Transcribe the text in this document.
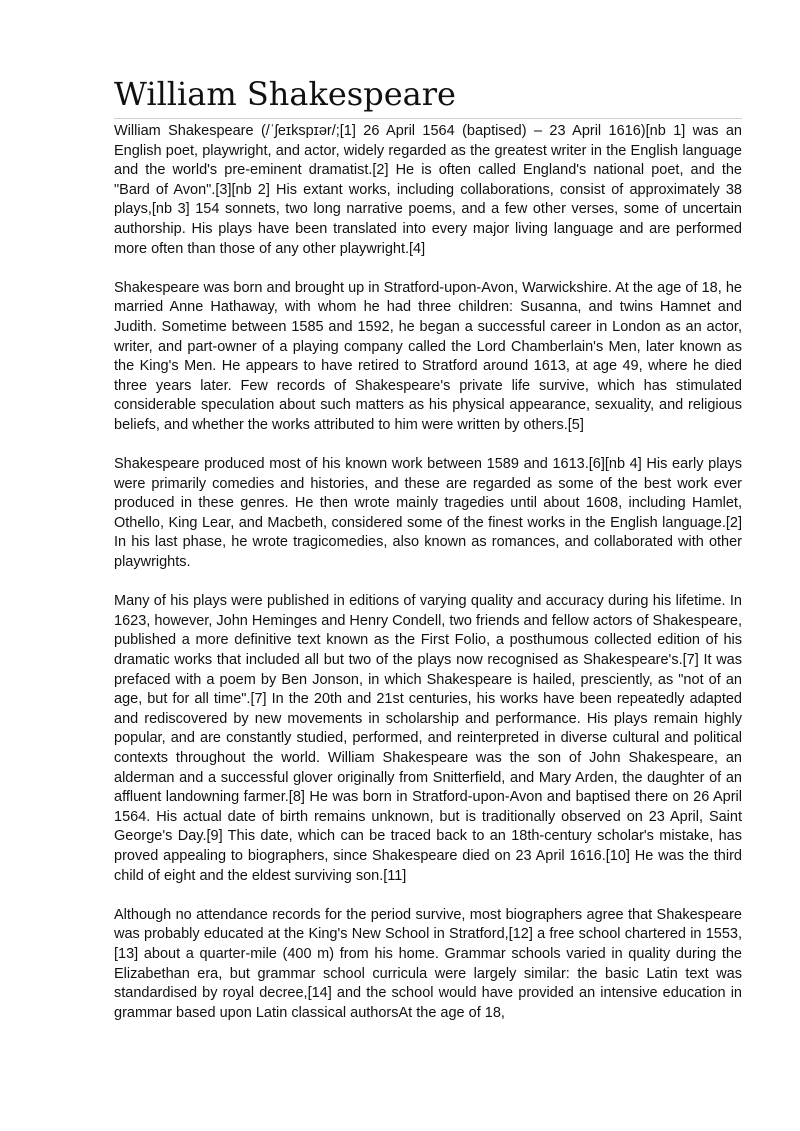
William Shakespeare

William Shakespeare (/ˈʃeɪkspɪər/;[1] 26 April 1564 (baptised) – 23 April 1616)[nb 1] was an English poet, playwright, and actor, widely regarded as the greatest writer in the English language and the world's pre-eminent dramatist.[2] He is often called England's national poet, and the "Bard of Avon".[3][nb 2] His extant works, including collaborations, consist of approximately 38 plays,[nb 3] 154 sonnets, two long narrative poems, and a few other verses, some of uncertain authorship. His plays have been translated into every major living language and are performed more often than those of any other playwright.[4]

Shakespeare was born and brought up in Stratford-upon-Avon, Warwickshire. At the age of 18, he married Anne Hathaway, with whom he had three children: Susanna, and twins Hamnet and Judith. Sometime between 1585 and 1592, he began a successful career in London as an actor, writer, and part-owner of a playing company called the Lord Chamberlain's Men, later known as the King's Men. He appears to have retired to Stratford around 1613, at age 49, where he died three years later. Few records of Shakespeare's private life survive, which has stimulated considerable speculation about such matters as his physical appearance, sexuality, and religious beliefs, and whether the works attributed to him were written by others.[5]

Shakespeare produced most of his known work between 1589 and 1613.[6][nb 4] His early plays were primarily comedies and histories, and these are regarded as some of the best work ever produced in these genres. He then wrote mainly tragedies until about 1608, including Hamlet, Othello, King Lear, and Macbeth, considered some of the finest works in the English language.[2] In his last phase, he wrote tragicomedies, also known as romances, and collaborated with other playwrights.

Many of his plays were published in editions of varying quality and accuracy during his lifetime. In 1623, however, John Heminges and Henry Condell, two friends and fellow actors of Shakespeare, published a more definitive text known as the First Folio, a posthumous collected edition of his dramatic works that included all but two of the plays now recognised as Shakespeare's.[7] It was prefaced with a poem by Ben Jonson, in which Shakespeare is hailed, presciently, as "not of an age, but for all time".[7] In the 20th and 21st centuries, his works have been repeatedly adapted and rediscovered by new movements in scholarship and performance. His plays remain highly popular, and are constantly studied, performed, and reinterpreted in diverse cultural and political contexts throughout the world. William Shakespeare was the son of John Shakespeare, an alderman and a successful glover originally from Snitterfield, and Mary Arden, the daughter of an affluent landowning farmer.[8] He was born in Stratford-upon-Avon and baptised there on 26 April 1564. His actual date of birth remains unknown, but is traditionally observed on 23 April, Saint George's Day.[9] This date, which can be traced back to an 18th-century scholar's mistake, has proved appealing to biographers, since Shakespeare died on 23 April 1616.[10] He was the third child of eight and the eldest surviving son.[11]

Although no attendance records for the period survive, most biographers agree that Shakespeare was probably educated at the King's New School in Stratford,[12] a free school chartered in 1553,[13] about a quarter-mile (400 m) from his home. Grammar schools varied in quality during the Elizabethan era, but grammar school curricula were largely similar: the basic Latin text was standardised by royal decree,[14] and the school would have provided an intensive education in grammar based upon Latin classical authorsAt the age of 18,
